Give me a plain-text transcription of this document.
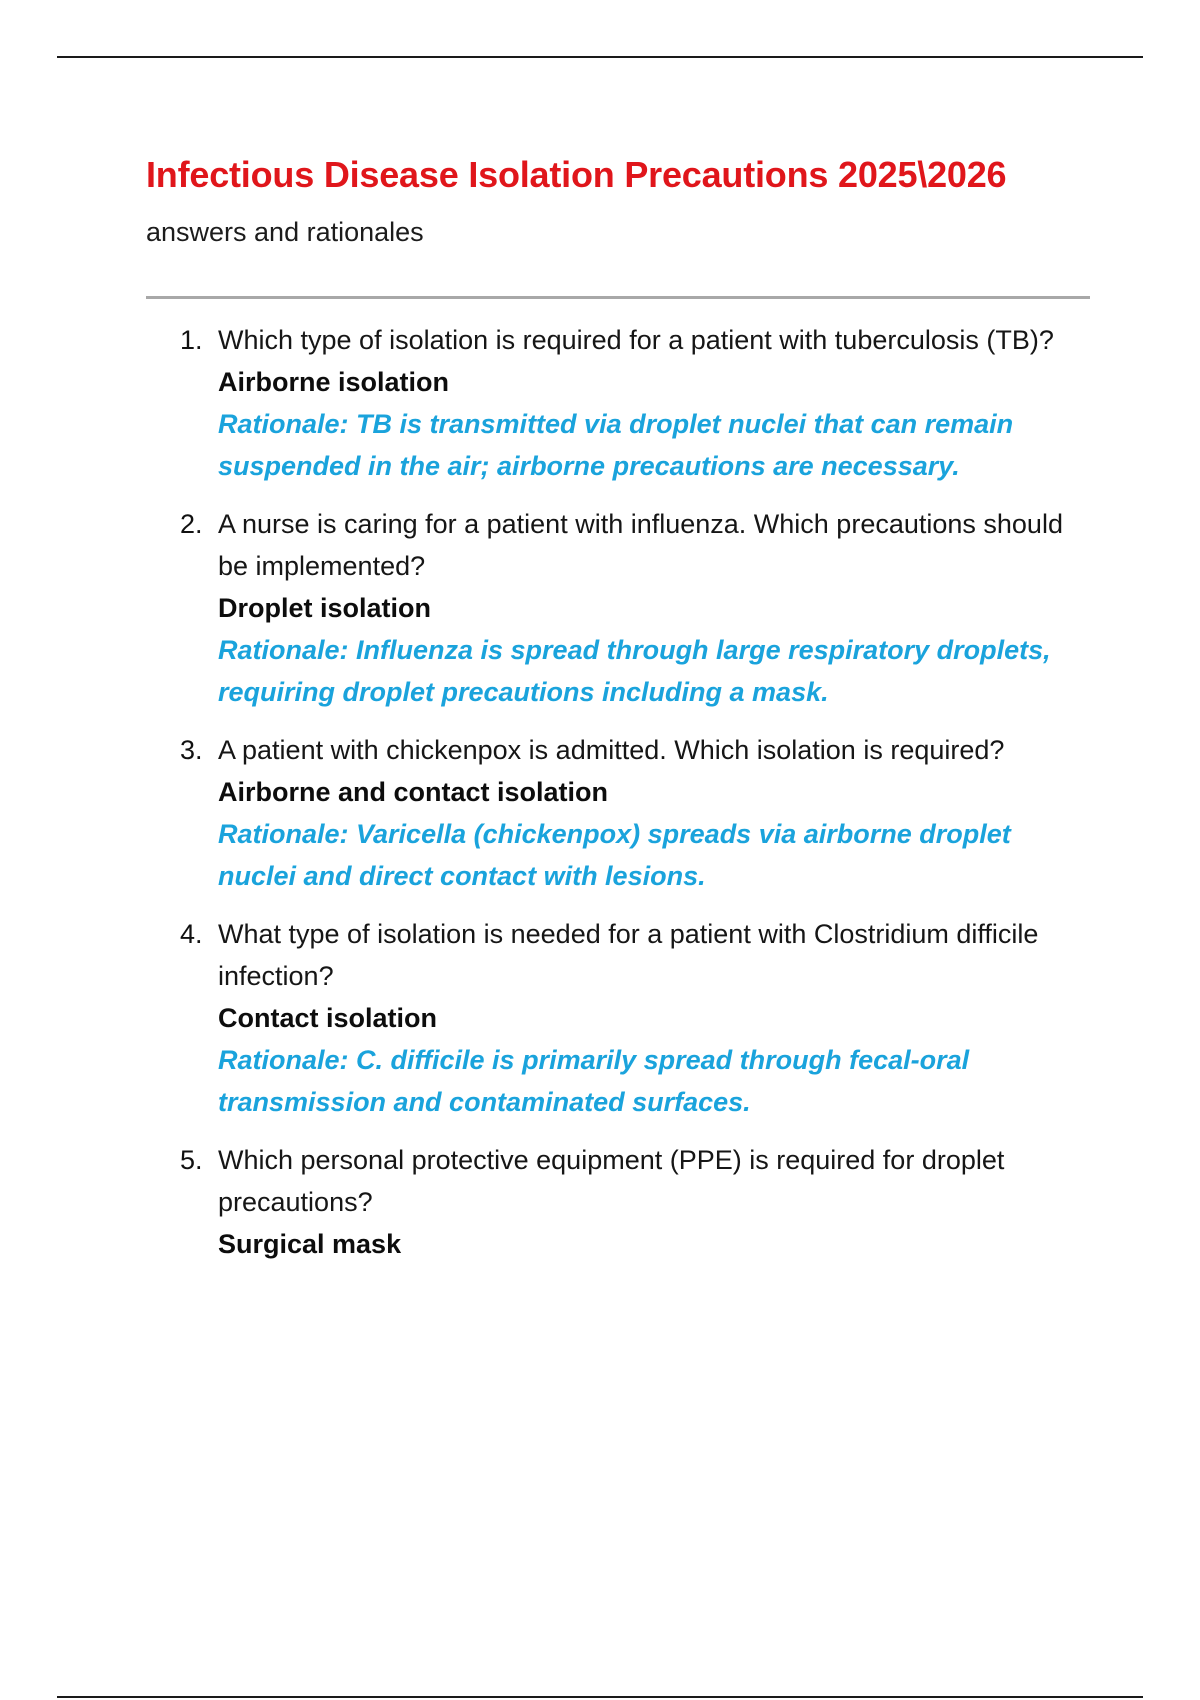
Infectious Disease Isolation Precautions 2025\2026

answers and rationales

1. Which type of isolation is required for a patient with tuberculosis (TB)?
Airborne isolation
Rationale: TB is transmitted via droplet nuclei that can remain suspended in the air; airborne precautions are necessary.
2. A nurse is caring for a patient with influenza. Which precautions should be implemented?
Droplet isolation
Rationale: Influenza is spread through large respiratory droplets, requiring droplet precautions including a mask.
3. A patient with chickenpox is admitted. Which isolation is required?
Airborne and contact isolation
Rationale: Varicella (chickenpox) spreads via airborne droplet nuclei and direct contact with lesions.
4. What type of isolation is needed for a patient with Clostridium difficile infection?
Contact isolation
Rationale: C. difficile is primarily spread through fecal-oral transmission and contaminated surfaces.
5. Which personal protective equipment (PPE) is required for droplet precautions?
Surgical mask
